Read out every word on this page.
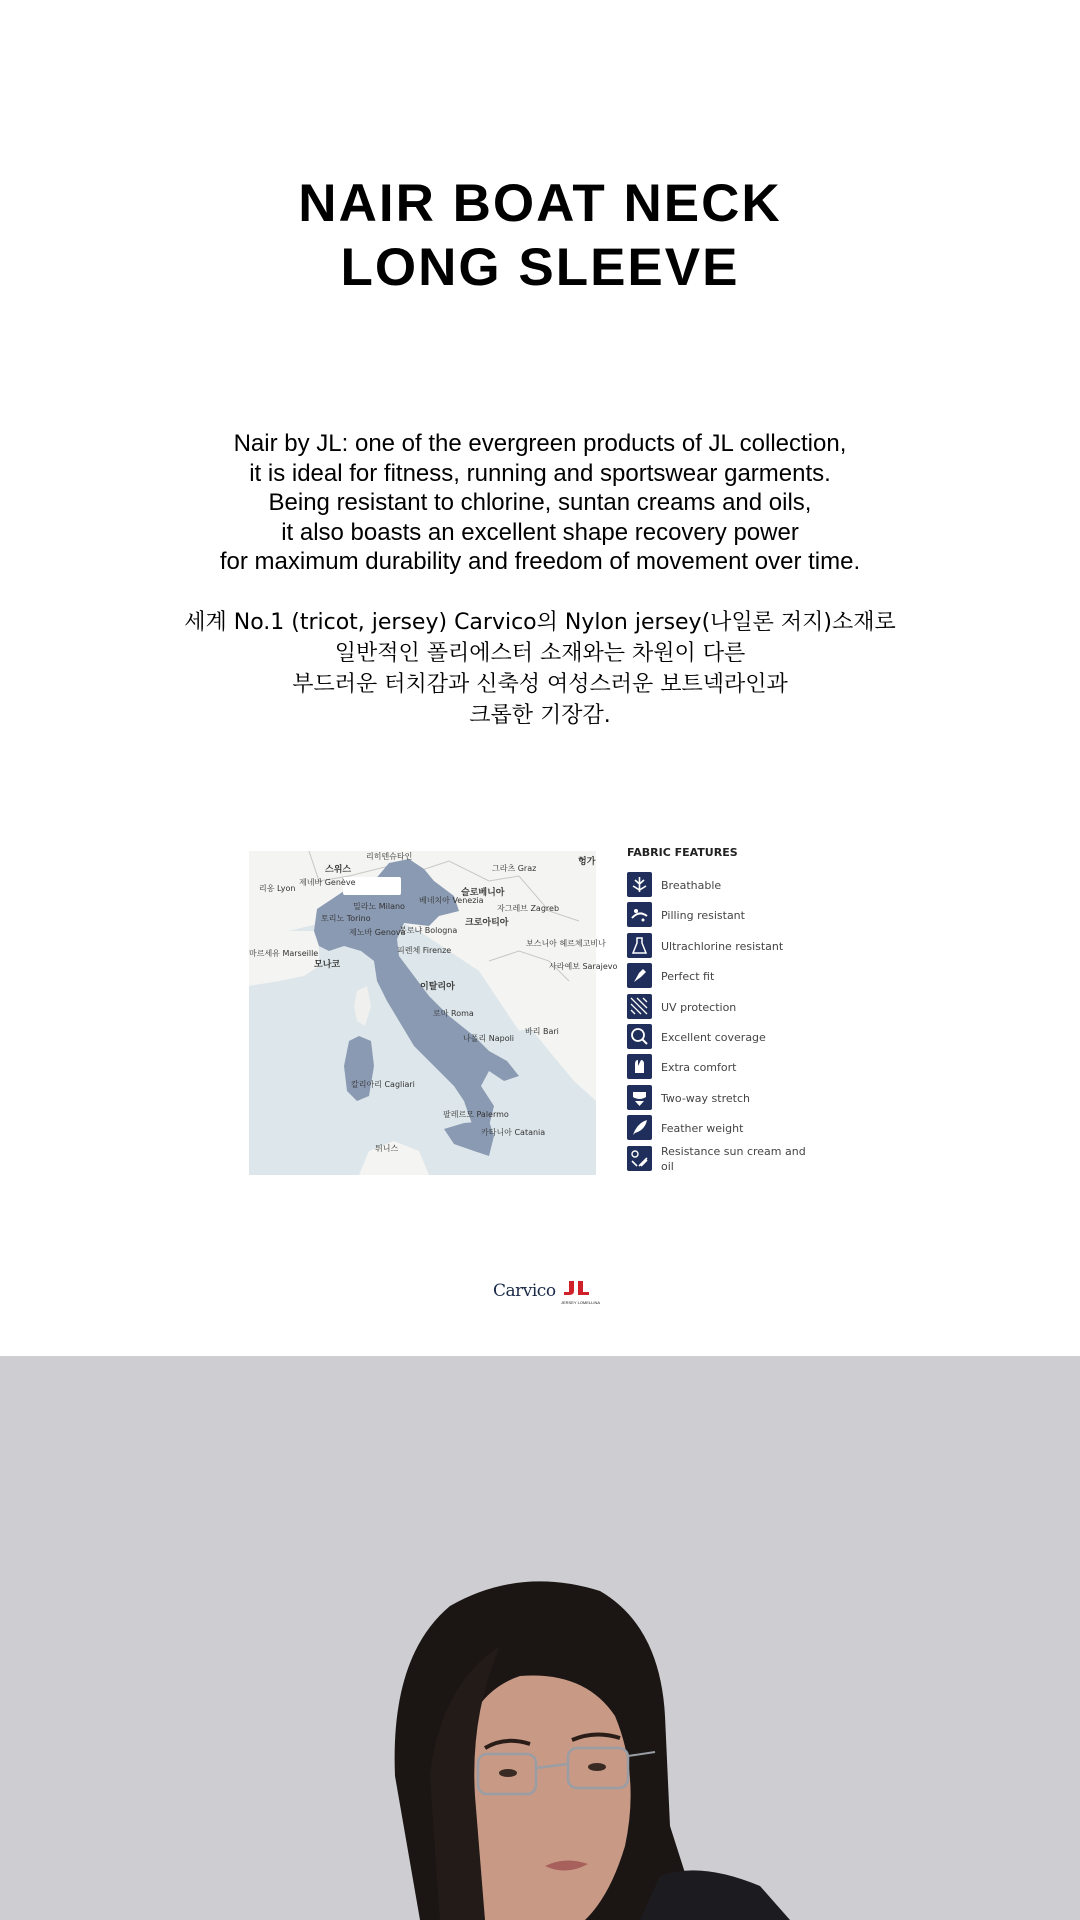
NAIR BOAT NECK
LONG SLEEVE
Nair by JL: one of the evergreen products of JL collection,
it is ideal for fitness, running and sportswear garments.
Being resistant to chlorine, suntan creams and oils,
it also boasts an excellent shape recovery power
for maximum durability and freedom of movement over time.
세계 No.1 (tricot, jersey) Carvico의 Nylon jersey(나일론 저지)소재로
일반적인 폴리에스터 소재와는 차원이 다른
부드러운 터치감과 신축성 여성스러운 보트넥라인과
크롭한 기장감.
리히텐슈타인
스위스
슬로베니아
크로아티아
보스니아 헤르체고비나
이탈리아
모나코
밀라노 Milano
토리노 Torino
제노바 Genova
볼로냐 Bologna
베네치아 Venezia
피렌체 Firenze
로마 Roma
나폴리 Napoli
팔레르모 Palermo
카타니아 Catania
마르세유 Marseille
리옹 Lyon
제네바 Genève
그라츠 Graz
자그레브 Zagreb
사라예보 Sarajevo
바리 Bari
칼리아리 Cagliari
튀니스
헝가
FABRIC FEATURES
Breathable
Pilling resistant
Ultrachlorine resistant
Perfect fit
UV protection
Excellent coverage
Extra comfort
Two-way stretch
Feather weight
Resistance sun cream and oil
Carvico
JERSEY LOMELLINA
